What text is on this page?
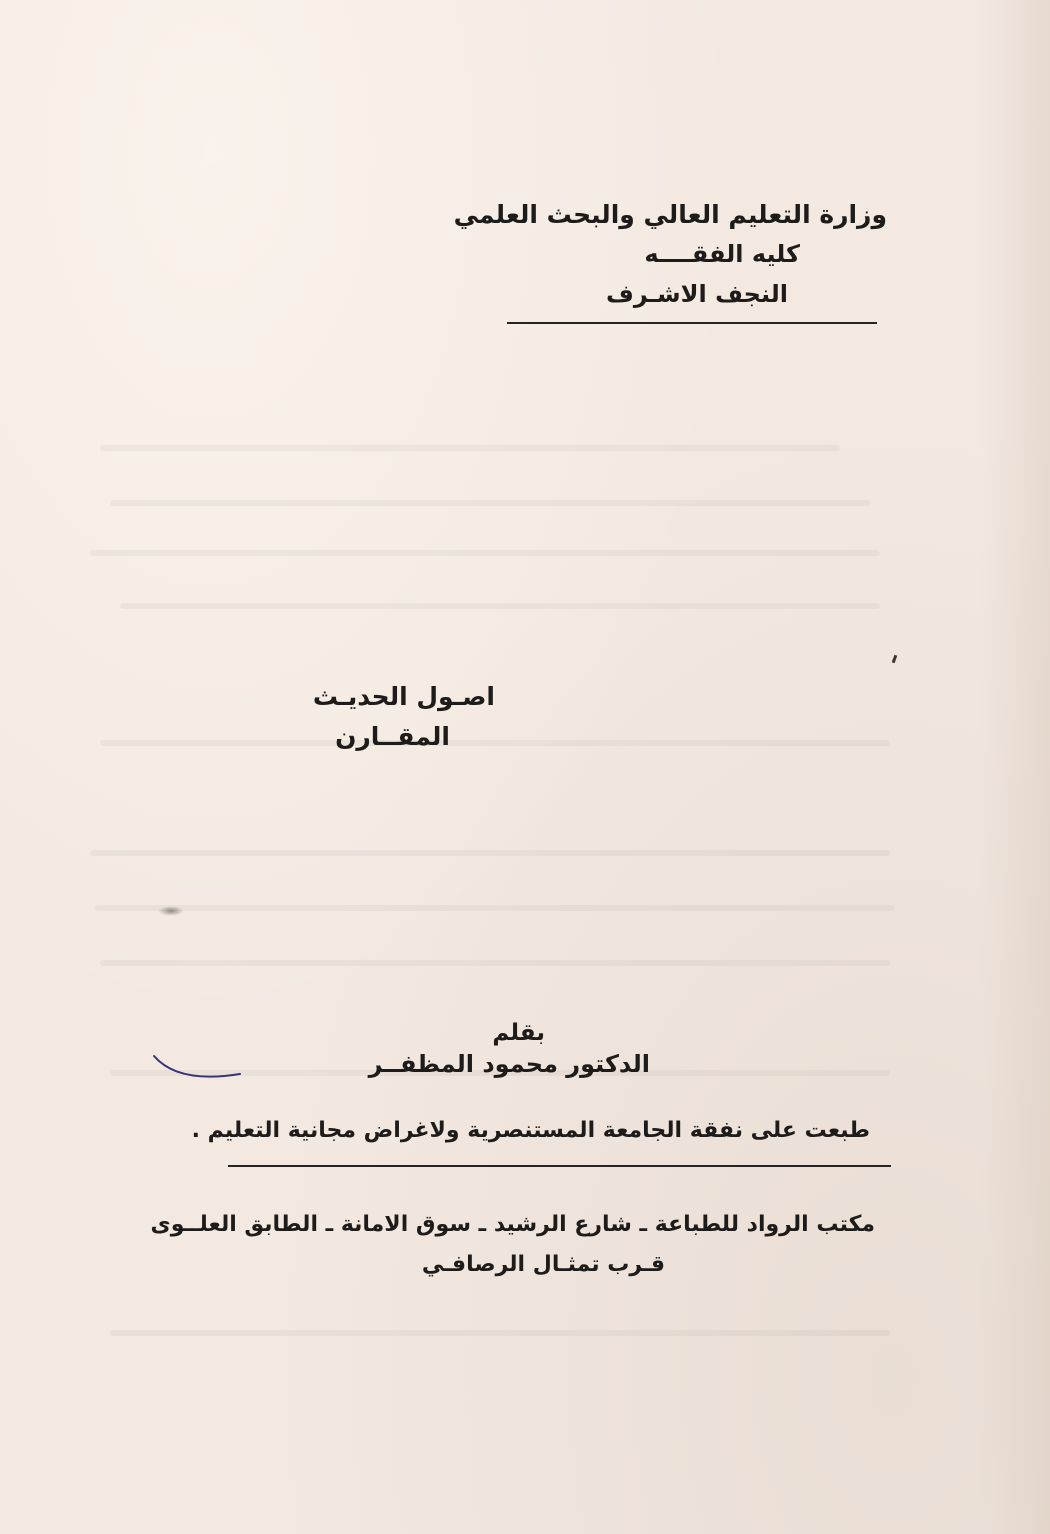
وزارة التعليم العالي والبحث العلمي
كليه الفقــــه
النجف الاشـرف
اصـول الحديـث
المقــارن
بقلم
الدكتور محمود المظفــر
طبعت على نفقة الجامعة المستنصرية ولاغراض مجانية التعليم .
مكتب الرواد للطباعة ـ شارع الرشيد ـ سوق الامانة ـ الطابق العلــوى
قـرب تمثـال الرصافـي
